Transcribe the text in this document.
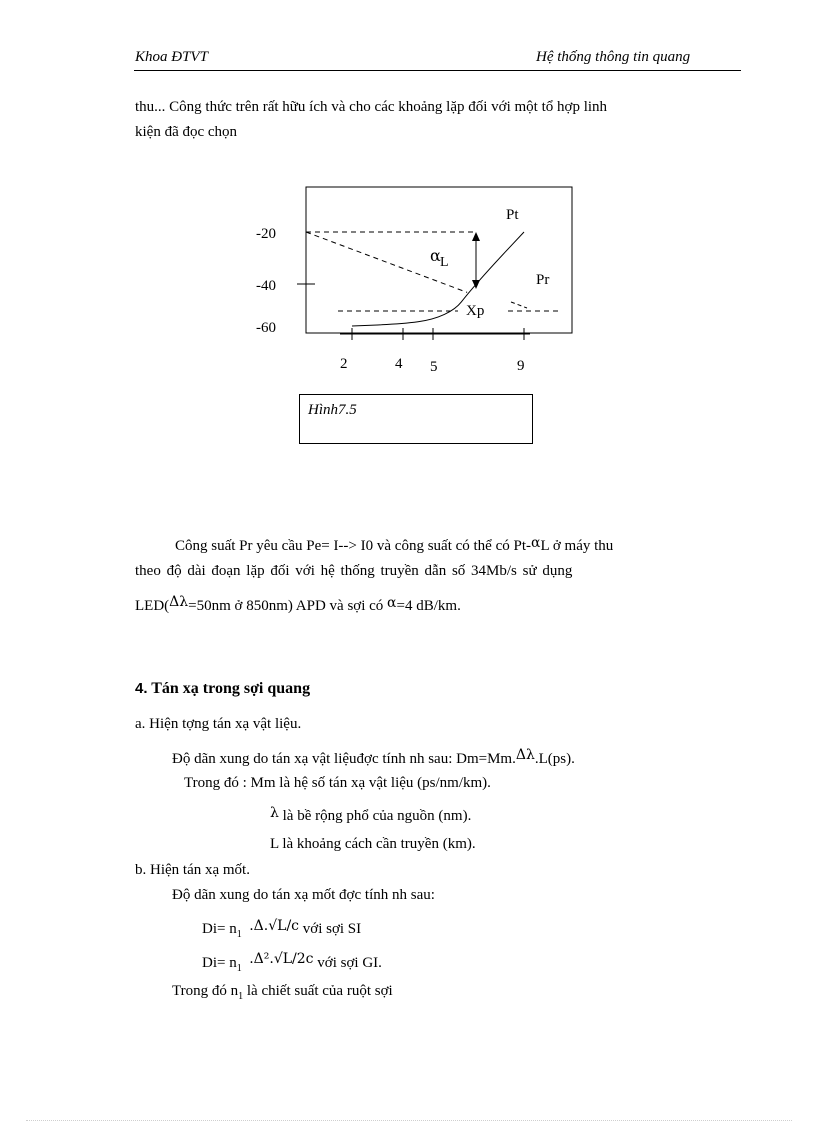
Khoa ĐTVT	Hệ thống thông tin quang
thu... Công thức trên rất hữu ích và cho các khoảng lặp đối với một tổ hợp linh
kiện đã đọc chọn
-20
-40
-60
2	4 5	9
Pt
Pr
Xp
α L
Hình7.5
Công suất Pr yêu cầu Pe= I--> I0 và công suất có thể có Pt-αL ở máy thu
theo độ dài đoạn lặp đối với hệ thống truyền dẫn số 34Mb/s sử dụng
LED(Δλ=50nm ở 850nm) APD và sợi có α=4 dB/km.
4. Tán xạ trong sợi quang
a. Hiện tợng tán xạ vật liệu.
Độ dãn xung do tán xạ vật liệuđợc tính nh sau: Dm=Mm.Δλ.L(ps).
Trong đó : Mm là hệ số tán xạ vật liệu (ps/nm/km).
λ là bề rộng phổ của nguồn (nm).
L là khoảng cách cần truyền (km).
b. Hiện tán xạ mốt.
Độ dãn xung do tán xạ mốt đợc tính nh sau:
$Di= n_1$  .Δ.√L/c với sợi SI
$Di= n_1$  .Δ².√L/2c với sợi GI.
Trong đó $n_1$ là chiết suất của ruột sợi
